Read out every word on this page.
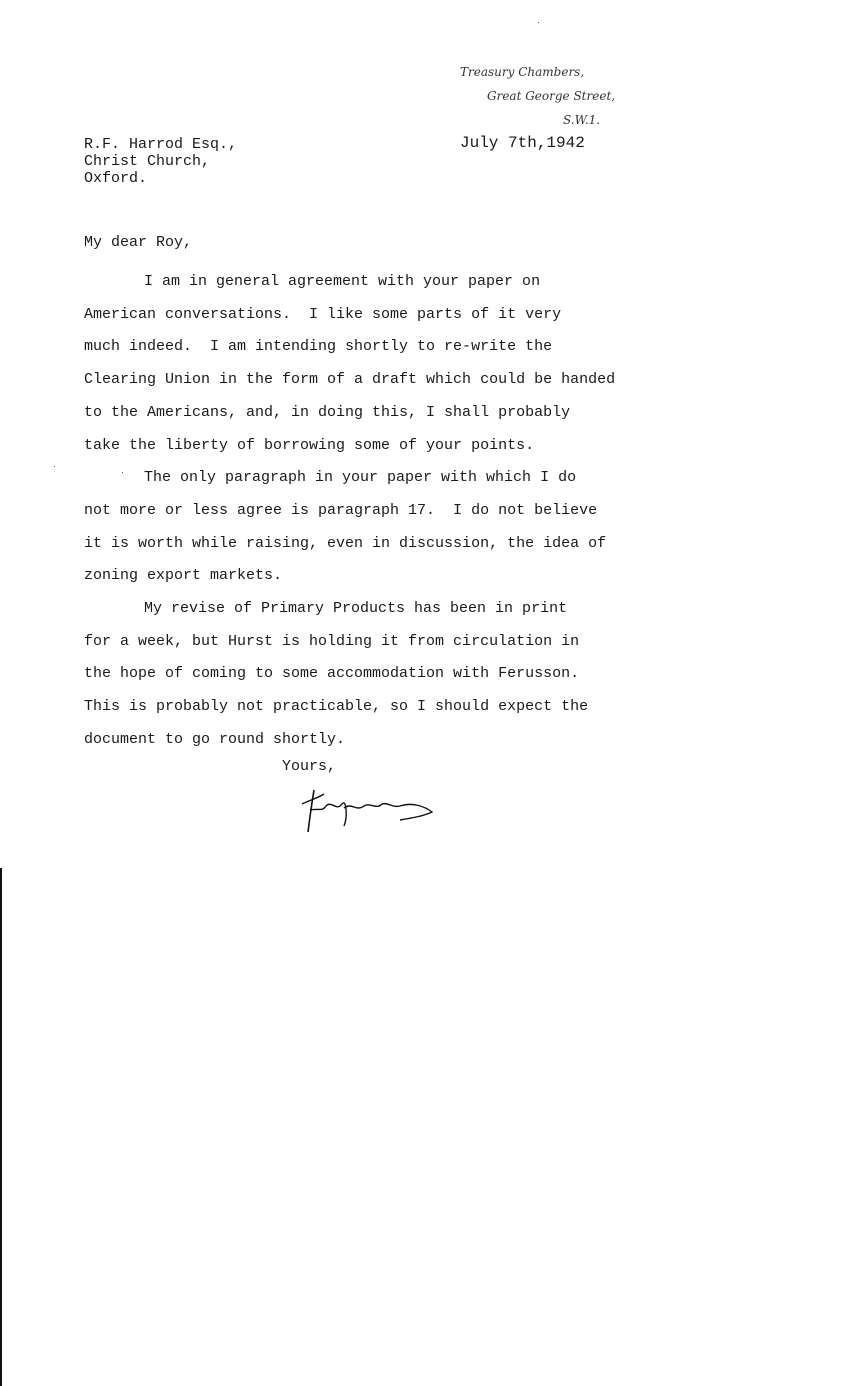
Treasury Chambers,
Great George Street,
S.W.1.
July 7th,1942
R.F. Harrod Esq.,
Christ Church,
Oxford.
My dear Roy,
I am in general agreement with your paper on
American conversations.  I like some parts of it very
much indeed.  I am intending shortly to re-write the
Clearing Union in the form of a draft which could be handed
to the Americans, and, in doing this, I shall probably
take the liberty of borrowing some of your points.
The only paragraph in your paper with which I do
not more or less agree is paragraph 17.  I do not believe
it is worth while raising, even in discussion, the idea of
zoning export markets.
My revise of Primary Products has been in print
for a week, but Hurst is holding it from circulation in
the hope of coming to some accommodation with Ferusson.
This is probably not practicable, so I should expect the
document to go round shortly.
Yours,
